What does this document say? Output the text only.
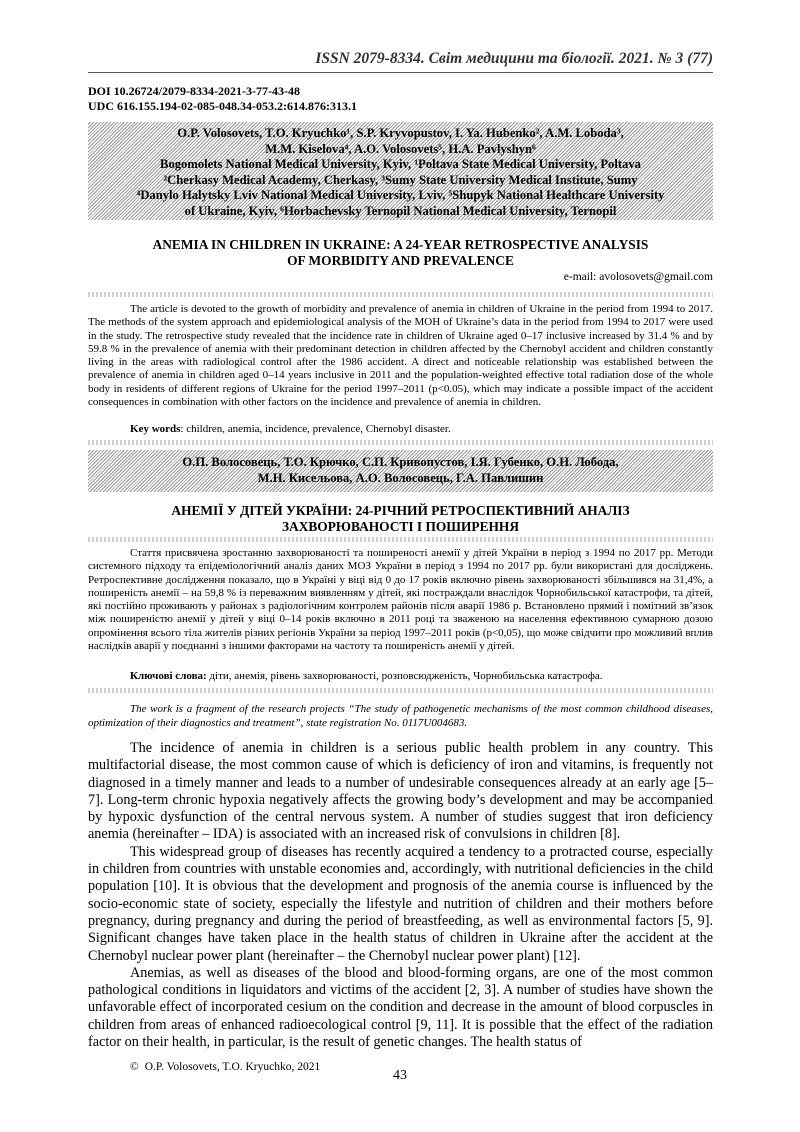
ISSN 2079-8334. Світ медицини та біології. 2021. № 3 (77)
DOI 10.26724/2079-8334-2021-3-77-43-48
UDC 616.155.194-02-085-048.34-053.2:614.876:313.1
O.P. Volosovets, T.O. Kryuchko¹, S.P. Kryvopustov, I. Ya. Hubenko², A.M. Loboda³,
M.M. Kiselova⁴, A.O. Volosovets⁵, H.A. Pavlyshyn⁶
Bogomolets National Medical University, Kyiv, ¹Poltava State Medical University, Poltava
²Cherkasy Medical Academy, Cherkasy, ³Sumy State University Medical Institute, Sumy
⁴Danylo Halytsky Lviv National Medical University, Lviv, ⁵Shupyk National Healthcare University
of Ukraine, Kyiv, ⁶Horbachevsky Ternopil National Medical University, Ternopil
ANEMIA IN CHILDREN IN UKRAINE: A 24-YEAR RETROSPECTIVE ANALYSIS
OF MORBIDITY AND PREVALENCE
e-mail: avolosovets@gmail.com

The article is devoted to the growth of morbidity and prevalence of anemia in children of Ukraine in the period from 1994 to 2017. The methods of the system approach and epidemiological analysis of the MOH of Ukraine’s data in the period from 1994 to 2017 were used in the study. The retrospective study revealed that the incidence rate in children of Ukraine aged 0–17 inclusive increased by 31.4 % and by 59.8 % in the prevalence of anemia with their predominant detection in children affected by the Chernobyl accident and children constantly living in the areas with radiological control after the 1986 accident. A direct and noticeable relationship was established between the prevalence of anemia in children aged 0–14 years inclusive in 2011 and the population-weighted effective total radiation dose of the whole body in residents of different regions of Ukraine for the period 1997–2011 (p<0.05), which may indicate a possible impact of the accident consequences in combination with other factors on the incidence and prevalence of anemia in children.

Key words: children, anemia, incidence, prevalence, Chernobyl disaster.
О.П. Волосовець, Т.О. Крючко, С.П. Кривопустов, І.Я. Губенко, О.Н. Лобода,
М.Н. Кисельова, А.О. Волосовець, Г.А. Павлишин
АНЕМІЇ У ДІТЕЙ УКРАЇНИ: 24-РІЧНИЙ РЕТРОСПЕКТИВНИЙ АНАЛІЗ
ЗАХВОРЮВАНОСТІ І ПОШИРЕННЯ

Стаття присвячена зростанню захворюваності та поширеності анемії у дітей України в період з 1994 по 2017 рр. Методи системного підходу та епідеміологічний аналіз даних МОЗ України в період з 1994 по 2017 рр. були використані для досліджень. Ретроспективне дослідження показало, що в Україні у віці від 0 до 17 років включно рівень захворюваності збільшився на 31,4%, а поширеність анемії – на 59,8 % із переважним виявленням у дітей, які постраждали внаслідок Чорнобильської катастрофи, та дітей, які постійно проживають у районах з радіологічним контролем районів після аварії 1986 р. Встановлено прямий і помітний зв’язок між поширеністю анемії у дітей у віці 0–14 років включно в 2011 році та зваженою на населення ефективною сумарною дозою опромінення всього тіла жителів різних регіонів України за період 1997–2011 років (p<0,05), що може свідчити про можливий вплив наслідків аварії у поєднанні з іншими факторами на частоту та поширеність анемії у дітей.

Ключові слова: діти, анемія, рівень захворюваності, розповсюдженість, Чорнобильська катастрофа.

The work is a fragment of the research projects “The study of pathogenetic mechanisms of the most common childhood diseases, optimization of their diagnostics and treatment”, state registration No. 0117U004683.

The incidence of anemia in children is a serious public health problem in any country. This multifactorial disease, the most common cause of which is deficiency of iron and vitamins, is frequently not diagnosed in a timely manner and leads to a number of undesirable consequences already at an early age [5–7]. Long-term chronic hypoxia negatively affects the growing body’s development and may be accompanied by hypoxic dysfunction of the central nervous system. A number of studies suggest that iron deficiency anemia (hereinafter – IDA) is associated with an increased risk of convulsions in children [8].

This widespread group of diseases has recently acquired a tendency to a protracted course, especially in children from countries with unstable economies and, accordingly, with nutritional deficiencies in the child population [10]. It is obvious that the development and prognosis of the anemia course is influenced by the socio-economic state of society, especially the lifestyle and nutrition of children and their mothers before pregnancy, during pregnancy and during the period of breastfeeding, as well as environmental factors [5, 9]. Significant changes have taken place in the health status of children in Ukraine after the accident at the Chernobyl nuclear power plant (hereinafter – the Chernobyl nuclear power plant) [12].

Anemias, as well as diseases of the blood and blood-forming organs, are one of the most common pathological conditions in liquidators and victims of the accident [2, 3]. A number of studies have shown the unfavorable effect of incorporated cesium on the condition and decrease in the amount of blood corpuscles in children from areas of enhanced radioecological control [9, 11]. It is possible that the effect of the radiation factor on their health, in particular, is the result of genetic changes. The health status of

© O.P. Volosovets, T.O. Kryuchko, 2021
43
